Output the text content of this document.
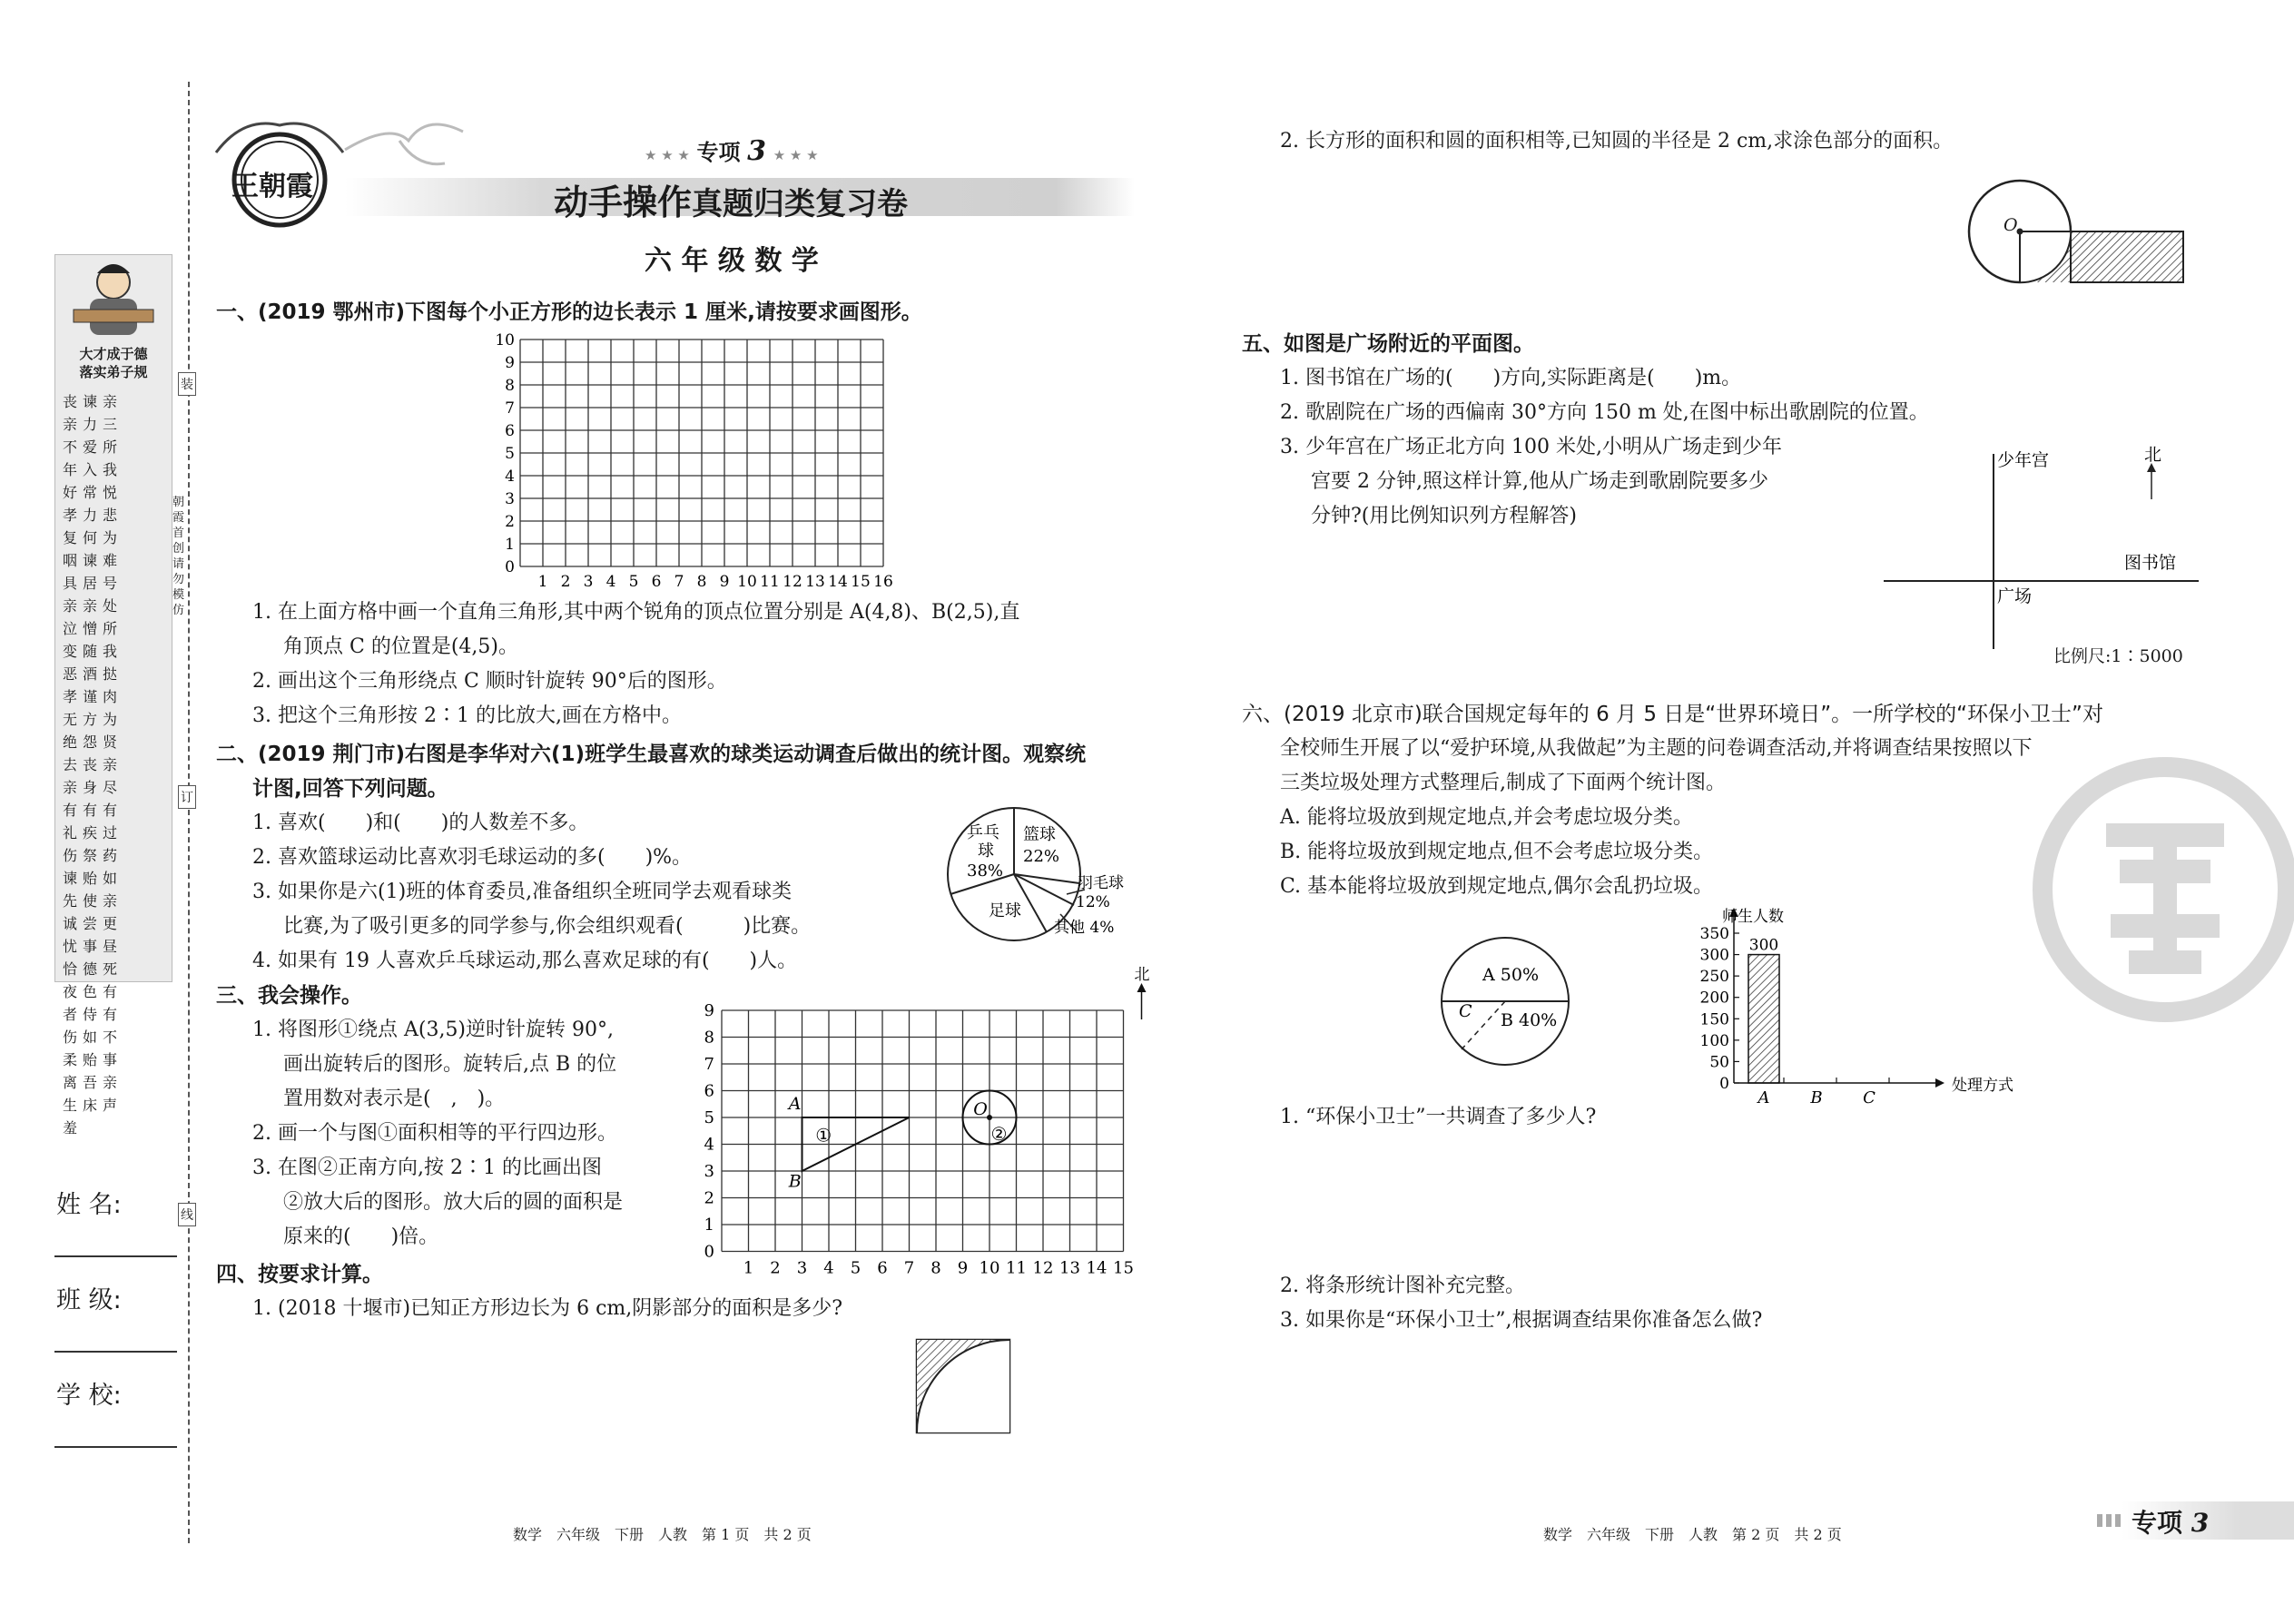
大才成于德
落实弟子规
丧谏亲亲力三不爱所年入我好常悦孝力悲复何为咽谏难具居号亲亲处泣憎所变随我恶酒挞孝谨肉无方为绝怨贤去丧亲亲身尽有有有礼疾过伤祭药谏贻如先使亲诚尝更忧事昼恰德死夜色有者侍有伤如不柔贻事离吾亲生床声羞
朝霞首创 请勿模仿
装
订
线
姓 名:
班 级:
学 校:
王朝霞
★ ★ ★ 专项 3 ★ ★ ★
动手操作真题归类复习卷
六 年 级 数 学
一、(2019 鄂州市)下图每个小正方形的边长表示 1 厘米,请按要求画图形。
10
9
8
7
6
5
4
3
2
1
0
1 2 3 4 5 6 7 8 9 10 11 12 13 14 15 16
1. 在上面方格中画一个直角三角形,其中两个锐角的顶点位置分别是 A(4,8)、B(2,5),直
角顶点 C 的位置是(4,5)。
2. 画出这个三角形绕点 C 顺时针旋转 90°后的图形。
3. 把这个三角形按 2∶1 的比放大,画在方格中。
二、(2019 荆门市)右图是李华对六(1)班学生最喜欢的球类运动调查后做出的统计图。观察统
计图,回答下列问题。
1. 喜欢(　　)和(　　)的人数差不多。
2. 喜欢篮球运动比喜欢羽毛球运动的多(　　)%。
3. 如果你是六(1)班的体育委员,准备组织全班同学去观看球类
比赛,为了吸引更多的同学参与,你会组织观看(　　　)比赛。
4. 如果有 19 人喜欢乒乓球运动,那么喜欢足球的有(　　)人。
乒乓
球
38%
篮球
22%
足球
羽毛球
12%
其他 4%
三、我会操作。
1. 将图形①绕点 A(3,5)逆时针旋转 90°,
画出旋转后的图形。旋转后,点 B 的位
置用数对表示是(　,　)。
2. 画一个与图①面积相等的平行四边形。
3. 在图②正南方向,按 2∶1 的比画出图
②放大后的图形。放大后的圆的面积是
原来的(　　)倍。
9
8
7
6
5
4
3
2
1
0
1 2 3 4 5 6 7 8 9 10 11 12 13 14 15
A
B
①
O
②
北
四、按要求计算。
1. (2018 十堰市)已知正方形边长为 6 cm,阴影部分的面积是多少?
2. 长方形的面积和圆的面积相等,已知圆的半径是 2 cm,求涂色部分的面积。
O
五、如图是广场附近的平面图。
1. 图书馆在广场的(　　)方向,实际距离是(　　)m。
2. 歌剧院在广场的西偏南 30°方向 150 m 处,在图中标出歌剧院的位置。
3. 少年宫在广场正北方向 100 米处,小明从广场走到少年
宫要 2 分钟,照这样计算,他从广场走到歌剧院要多少
分钟?(用比例知识列方程解答)
少年宫	北
图书馆
广场
比例尺:1∶5000
六、(2019 北京市)联合国规定每年的 6 月 5 日是“世界环境日”。一所学校的“环保小卫士”对
全校师生开展了以“爱护环境,从我做起”为主题的问卷调查活动,并将调查结果按照以下
三类垃圾处理方式整理后,制成了下面两个统计图。
A. 能将垃圾放到规定地点,并会考虑垃圾分类。
B. 能将垃圾放到规定地点,但不会考虑垃圾分类。
C. 基本能将垃圾放到规定地点,偶尔会乱扔垃圾。
A 50%
B 40%
C
350
300
250
200
150
100
50
0
师生人数
处理方式
A
300
B C
1. “环保小卫士”一共调查了多少人?
2. 将条形统计图补充完整。
3. 如果你是“环保小卫士”,根据调查结果你准备怎么做?
数学　六年级　下册　人教　第 1 页　共 2 页	数学　六年级　下册　人教　第 2 页　共 2 页	专项 3
